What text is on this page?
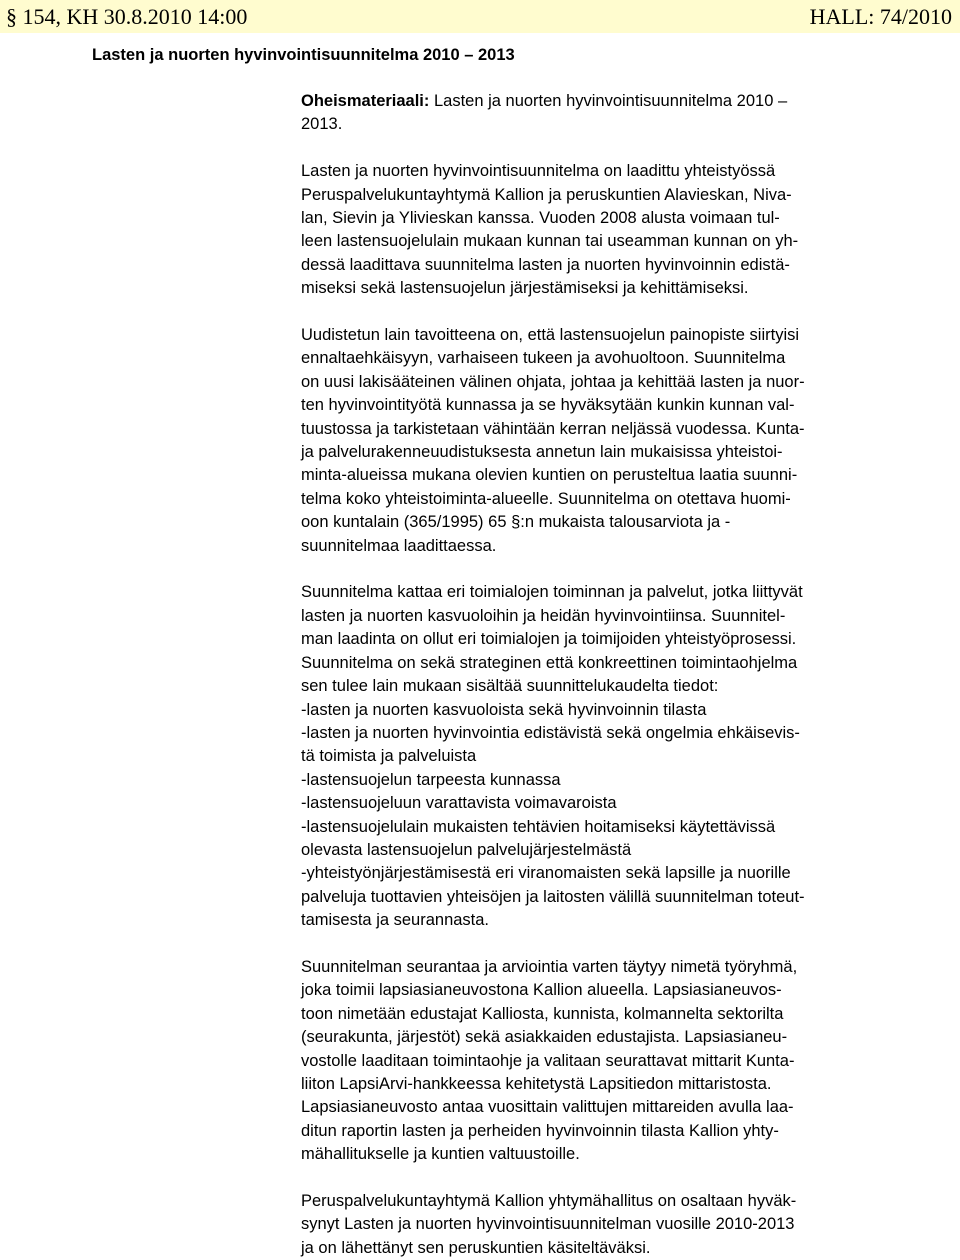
§ 154, KH 30.8.2010 14:00	HALL: 74/2010
Lasten ja nuorten hyvinvointisuunnitelma 2010 – 2013

Oheismateriaali: Lasten ja nuorten hyvinvointisuunnitelma 2010 –
2013.

Lasten ja nuorten hyvinvointisuunnitelma on laadittu yhteistyössä
Peruspalvelukuntayhtymä Kallion ja peruskuntien Alavieskan, Niva-
lan, Sievin ja Ylivieskan kanssa. Vuoden 2008 alusta voimaan tul-
leen lastensuojelulain mukaan kunnan tai useamman kunnan on yh-
dessä laadittava suunnitelma lasten ja nuorten hyvinvoinnin edistä-
miseksi sekä lastensuojelun järjestämiseksi ja kehittämiseksi.

Uudistetun lain tavoitteena on, että lastensuojelun painopiste siirtyisi
ennaltaehkäisyyn, varhaiseen tukeen ja avohuoltoon. Suunnitelma
on uusi lakisääteinen välinen ohjata, johtaa ja kehittää lasten ja nuor-
ten hyvinvointityötä kunnassa ja se hyväksytään kunkin kunnan val-
tuustossa ja tarkistetaan vähintään kerran neljässä vuodessa. Kunta-
ja palvelurakenneuudistuksesta annetun lain mukaisissa yhteistoi-
minta-alueissa mukana olevien kuntien on perusteltua laatia suunni-
telma koko yhteistoiminta-alueelle. Suunnitelma on otettava huomi-
oon kuntalain (365/1995) 65 §:n mukaista talousarviota ja -
suunnitelmaa laadittaessa.

Suunnitelma kattaa eri toimialojen toiminnan ja palvelut, jotka liittyvät
lasten ja nuorten kasvuoloihin ja heidän hyvinvointiinsa. Suunnitel-
man laadinta on ollut eri toimialojen ja toimijoiden yhteistyöprosessi.
Suunnitelma on sekä strateginen että konkreettinen toimintaohjelma
sen tulee lain mukaan sisältää suunnittelukaudelta tiedot:
-lasten ja nuorten kasvuoloista sekä hyvinvoinnin tilasta
-lasten ja nuorten hyvinvointia edistävistä sekä ongelmia ehkäisevis-
tä toimista ja palveluista
-lastensuojelun tarpeesta kunnassa
-lastensuojeluun varattavista voimavaroista
-lastensuojelulain mukaisten tehtävien hoitamiseksi käytettävissä
olevasta lastensuojelun palvelujärjestelmästä
-yhteistyönjärjestämisestä eri viranomaisten sekä lapsille ja nuorille
palveluja tuottavien yhteisöjen ja laitosten välillä suunnitelman toteut-
tamisesta ja seurannasta.

Suunnitelman seurantaa ja arviointia varten täytyy nimetä työryhmä,
joka toimii lapsiasianeuvostona Kallion alueella. Lapsiasianeuvos-
toon nimetään edustajat Kalliosta, kunnista, kolmannelta sektorilta
(seurakunta, järjestöt) sekä asiakkaiden edustajista. Lapsiasianeu-
vostolle laaditaan toimintaohje ja valitaan seurattavat mittarit Kunta-
liiton LapsiArvi-hankkeessa kehitetystä Lapsitiedon mittaristosta.
Lapsiasianeuvosto antaa vuosittain valittujen mittareiden avulla laa-
ditun raportin lasten ja perheiden hyvinvoinnin tilasta Kallion yhty-
mähallitukselle ja kuntien valtuustoille.

Peruspalvelukuntayhtymä Kallion yhtymähallitus on osaltaan hyväk-
synyt Lasten ja nuorten hyvinvointisuunnitelman vuosille 2010-2013
ja on lähettänyt sen peruskuntien käsiteltäväksi.
